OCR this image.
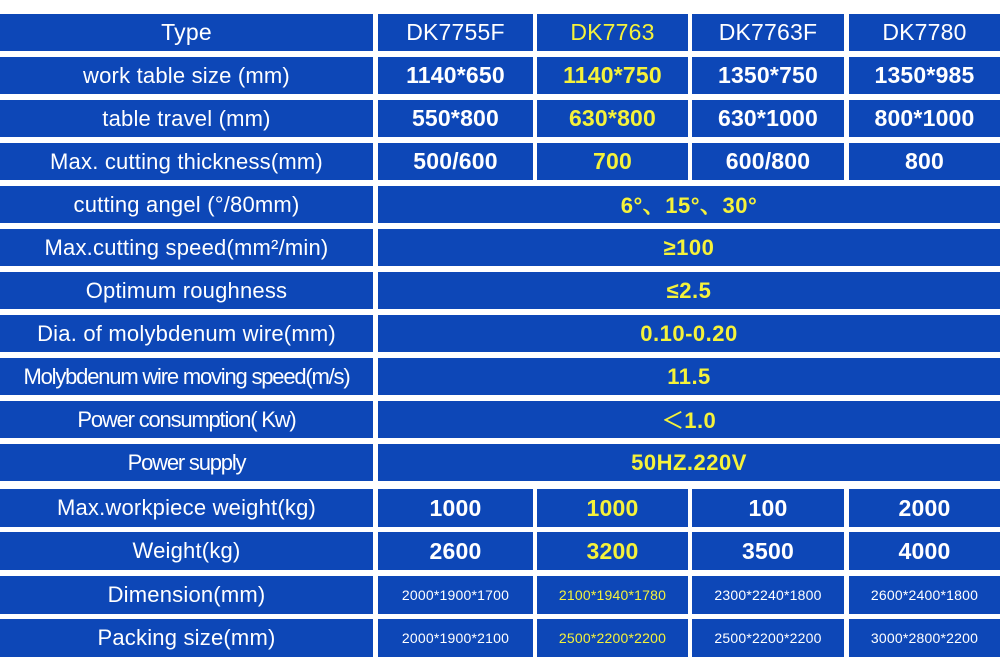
Type	DK7755F	DK7763	DK7763F	DK7780
work table size (mm)	1140*650	1140*750	1350*750	1350*985
table travel (mm)	550*800	630*800	630*1000	800*1000
Max. cutting thickness(mm)	500/600	700	600/800	800
cutting angel (°/80mm)	6°、15°、30°
Max.cutting speed(mm²/min)	≥100
Optimum roughness	≤2.5
Dia. of molybdenum wire(mm)	0.10-0.20
Molybdenum wire moving speed(m/s)	11.5
Power consumption( Kw)	＜1.0
Power supply	50HZ.220V
Max.workpiece weight(kg)	1000	1000	100	2000
Weight(kg)	2600	3200	3500	4000
Dimension(mm)	2000*1900*1700	2100*1940*1780	2300*2240*1800	2600*2400*1800
Packing size(mm)	2000*1900*2100	2500*2200*2200	2500*2200*2200	3000*2800*2200
